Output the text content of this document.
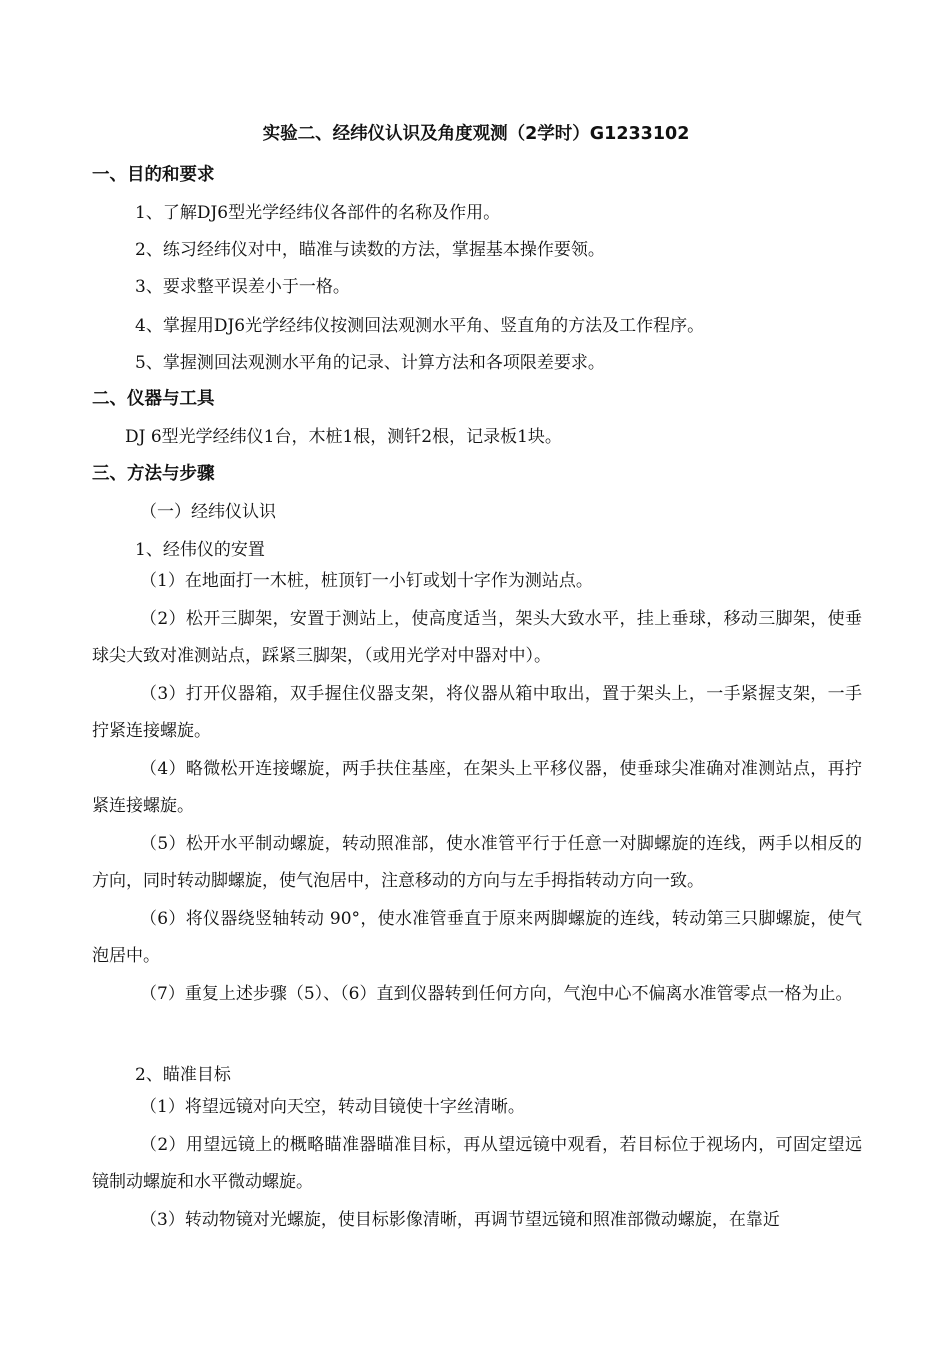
实验二、经纬仪认识及角度观测（2学时）G1233102
一、目的和要求
1、了解DJ6型光学经纬仪各部件的名称及作用。
2、练习经纬仪对中，瞄准与读数的方法，掌握基本操作要领。
3、要求整平误差小于一格。
4、掌握用DJ6光学经纬仪按测回法观测水平角、竖直角的方法及工作程序。
5、掌握测回法观测水平角的记录、计算方法和各项限差要求。
二、仪器与工具
DJ 6型光学经纬仪1台，木桩1根，测钎2根，记录板1块。
三、方法与步骤
（一）经纬仪认识
1、经伟仪的安置
（1）在地面打一木桩，桩顶钉一小钉或划十字作为测站点。
（2）松开三脚架，安置于测站上，使高度适当，架头大致水平，挂上垂球，移动三脚架，使垂球尖大致对准测站点，踩紧三脚架，（或用光学对中器对中）。
（3）打开仪器箱，双手握住仪器支架，将仪器从箱中取出，置于架头上，一手紧握支架，一手拧紧连接螺旋。
（4）略微松开连接螺旋，两手扶住基座，在架头上平移仪器，使垂球尖准确对准测站点，再拧紧连接螺旋。
（5）松开水平制动螺旋，转动照准部，使水准管平行于任意一对脚螺旋的连线，两手以相反的方向，同时转动脚螺旋，使气泡居中，注意移动的方向与左手拇指转动方向一致。
（6）将仪器绕竖轴转动 90°，使水准管垂直于原来两脚螺旋的连线，转动第三只脚螺旋，使气泡居中。
（7）重复上述步骤（5）、（6）直到仪器转到任何方向，气泡中心不偏离水准管零点一格为止。
2、瞄准目标
（1）将望远镜对向天空，转动目镜使十字丝清晰。
（2）用望远镜上的概略瞄准器瞄准目标，再从望远镜中观看，若目标位于视场内，可固定望远镜制动螺旋和水平微动螺旋。
（3）转动物镜对光螺旋，使目标影像清晰，再调节望远镜和照准部微动螺旋，在靠近
